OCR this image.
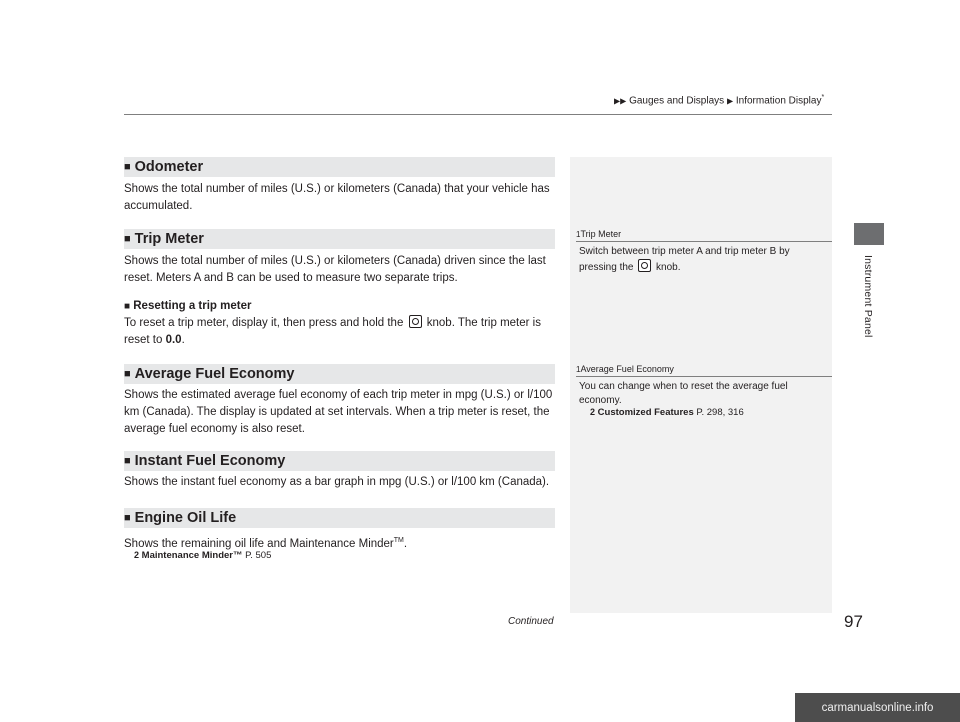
▶▶ Gauges and Displays ▶ Information Display*
Instrument Panel
■ Odometer
Shows the total number of miles (U.S.) or kilometers (Canada) that your vehicle has accumulated.
■ Trip Meter
Shows the total number of miles (U.S.) or kilometers (Canada) driven since the last reset. Meters A and B can be used to measure two separate trips.
■ Resetting a trip meter
To reset a trip meter, display it, then press and hold the knob. The trip meter is reset to 0.0.
■ Average Fuel Economy
Shows the estimated average fuel economy of each trip meter in mpg (U.S.) or l/100 km (Canada). The display is updated at set intervals. When a trip meter is reset, the average fuel economy is also reset.
■ Instant Fuel Economy
Shows the instant fuel economy as a bar graph in mpg (U.S.) or l/100 km (Canada).
■ Engine Oil Life
Shows the remaining oil life and Maintenance Minder™.
2 Maintenance Minder™ P. 505
1Trip Meter
Switch between trip meter A and trip meter B by pressing the knob.
1Average Fuel Economy
You can change when to reset the average fuel economy.
2 Customized Features P. 298, 316
Continued	97
carmanualsonline.info
